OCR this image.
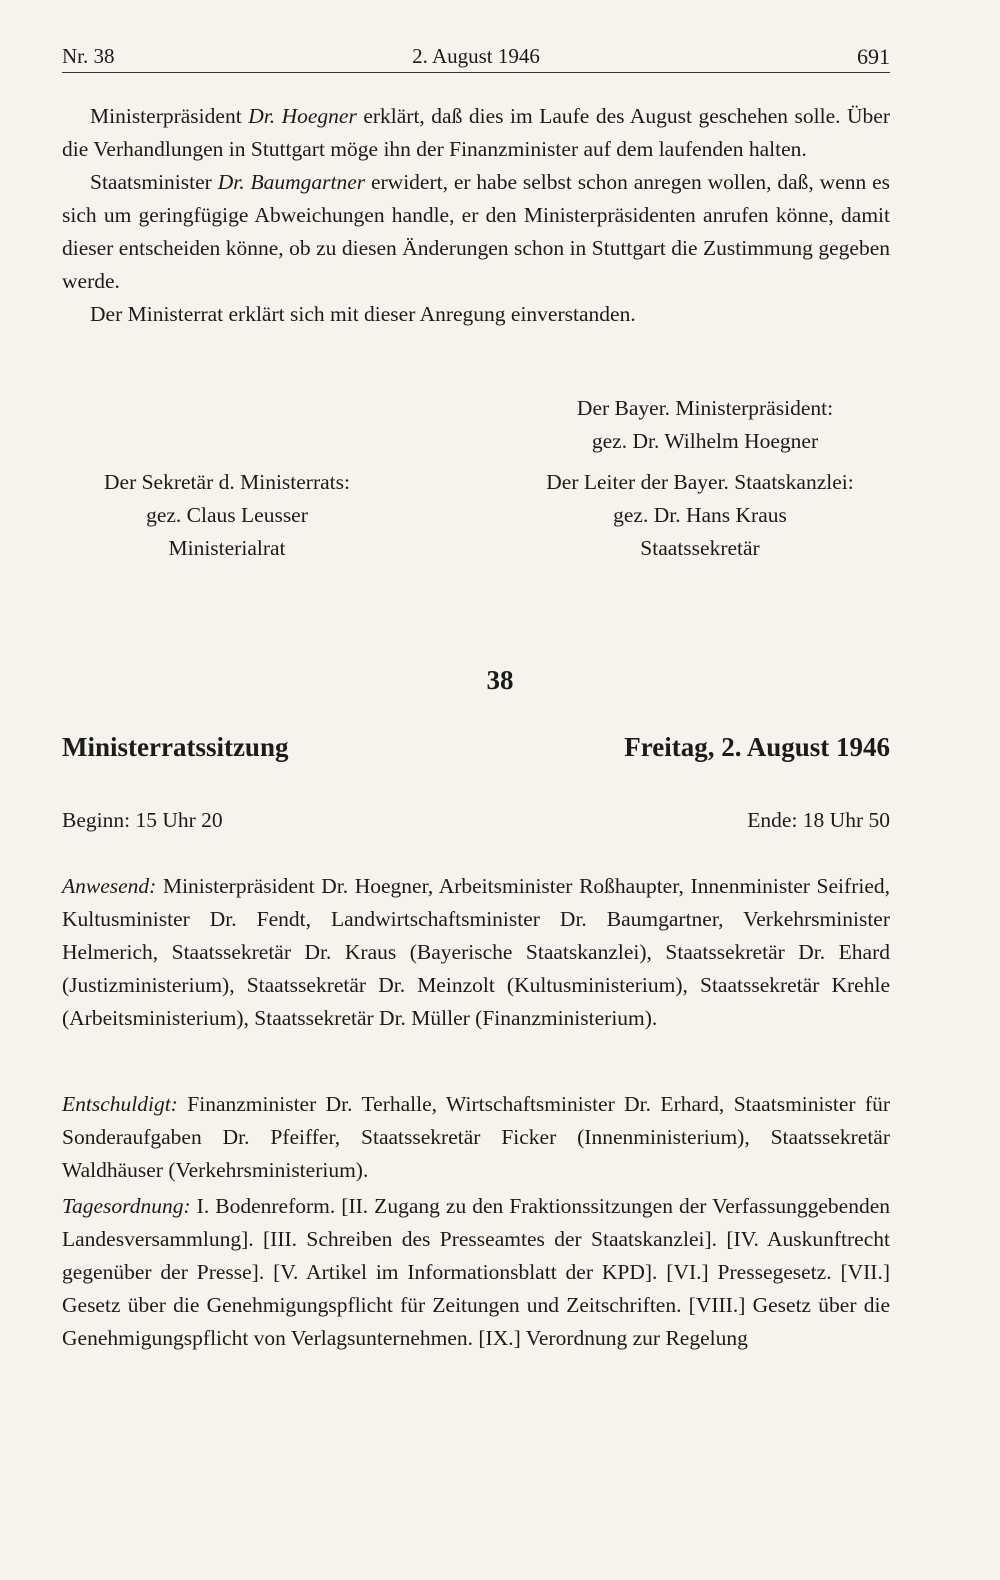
Nr. 38	2. August 1946	691

Ministerpräsident Dr. Hoegner erklärt, daß dies im Laufe des August geschehen solle. Über die Verhandlungen in Stuttgart möge ihn der Finanzminister auf dem laufenden halten.

Staatsminister Dr. Baumgartner erwidert, er habe selbst schon anregen wollen, daß, wenn es sich um geringfügige Abweichungen handle, er den Ministerpräsidenten anrufen könne, damit dieser entscheiden könne, ob zu diesen Änderungen schon in Stuttgart die Zustimmung gegeben werde.

Der Ministerrat erklärt sich mit dieser Anregung einverstanden.

Der Bayer. Ministerpräsident:
gez. Dr. Wilhelm Hoegner
Der Sekretär d. Ministerrats:
gez. Claus Leusser
Ministerialrat
Der Leiter der Bayer. Staatskanzlei:
gez. Dr. Hans Kraus
Staatssekretär
38
Ministerratssitzung	Freitag, 2. August 1946
Beginn: 15 Uhr 20	Ende: 18 Uhr 50

Anwesend: Ministerpräsident Dr. Hoegner, Arbeitsminister Roßhaupter, Innenminister Seifried, Kultusminister Dr. Fendt, Landwirtschaftsminister Dr. Baumgartner, Verkehrsminister Helmerich, Staatssekretär Dr. Kraus (Bayerische Staatskanzlei), Staatssekretär Dr. Ehard (Justizministerium), Staatssekretär Dr. Meinzolt (Kultusministerium), Staatssekretär Krehle (Arbeitsministerium), Staatssekretär Dr. Müller (Finanzministerium).

Entschuldigt: Finanzminister Dr. Terhalle, Wirtschaftsminister Dr. Erhard, Staatsminister für Sonderaufgaben Dr. Pfeiffer, Staatssekretär Ficker (Innenministerium), Staatssekretär Waldhäuser (Verkehrsministerium).

Tagesordnung: I. Bodenreform. [II. Zugang zu den Fraktionssitzungen der Verfassunggebenden Landesversammlung]. [III. Schreiben des Presseamtes der Staatskanzlei]. [IV. Auskunftrecht gegenüber der Presse]. [V. Artikel im Informationsblatt der KPD]. [VI.] Pressegesetz. [VII.] Gesetz über die Genehmigungspflicht für Zeitungen und Zeitschriften. [VIII.] Gesetz über die Genehmigungspflicht von Verlagsunternehmen. [IX.] Verordnung zur Regelung
